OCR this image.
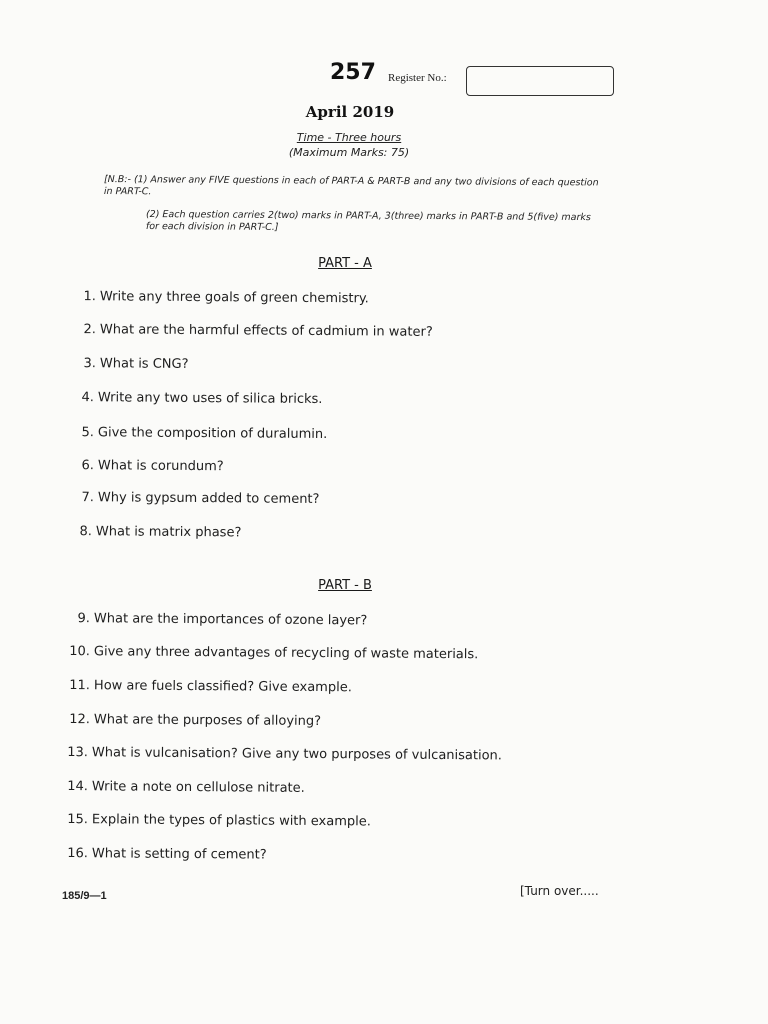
257 Register No.:
April 2019
Time - Three hours
(Maximum Marks: 75)
[N.B:- (1) Answer any FIVE questions in each of PART-A & PART-B and any two divisions of each question in PART-C.
(2) Each question carries 2(two) marks in PART-A, 3(three) marks in PART-B and 5(five) marks for each division in PART-C.]
PART - A
1. Write any three goals of green chemistry.
2. What are the harmful effects of cadmium in water?
3. What is CNG?
4. Write any two uses of silica bricks.
5. Give the composition of duralumin.
6. What is corundum?
7. Why is gypsum added to cement?
8. What is matrix phase?
PART - B
9. What are the importances of ozone layer?
10. Give any three advantages of recycling of waste materials.
11. How are fuels classified? Give example.
12. What are the purposes of alloying?
13. What is vulcanisation? Give any two purposes of vulcanisation.
14. Write a note on cellulose nitrate.
15. Explain the types of plastics with example.
16. What is setting of cement?
185/9—1	[Turn over.....
